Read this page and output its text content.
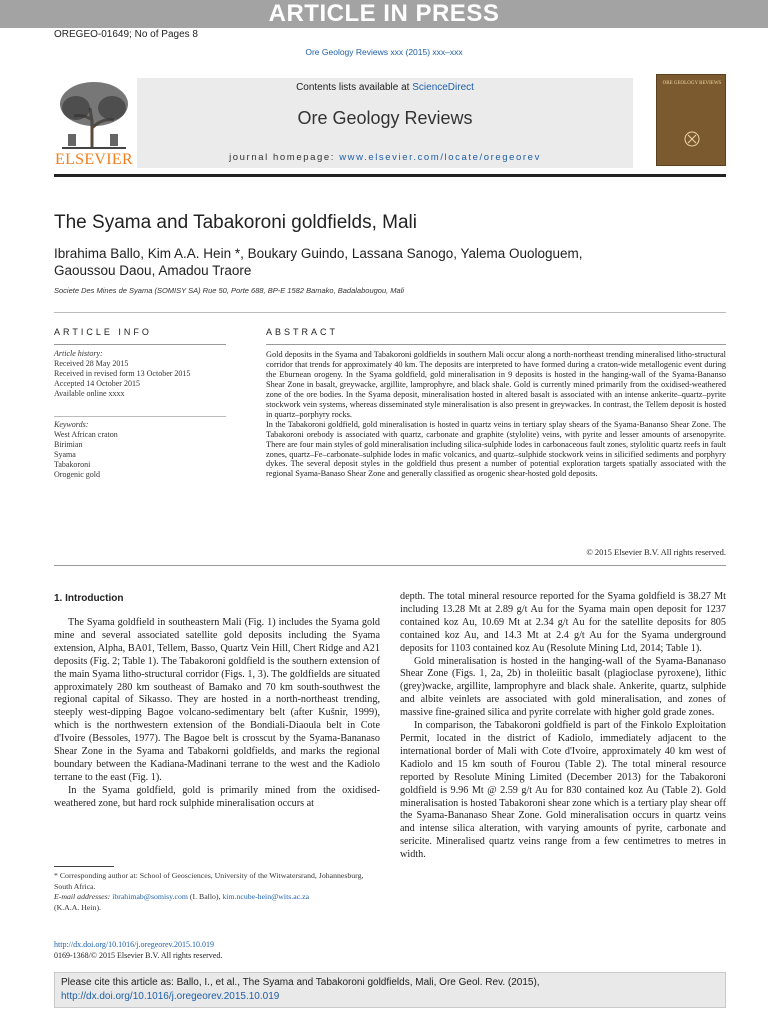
ARTICLE IN PRESS
OREGEO-01649; No of Pages 8
Ore Geology Reviews xxx (2015) xxx–xxx
ELSEVIER
Contents lists available at ScienceDirect
Ore Geology Reviews
journal homepage: www.elsevier.com/locate/oregeorev
ORE GEOLOGY REVIEWS
The Syama and Tabakoroni goldfields, Mali
Ibrahima Ballo, Kim A.A. Hein *, Boukary Guindo, Lassana Sanogo, Yalema Ouologuem,
Gaoussou Daou, Amadou Traore
Societe Des Mines de Syama (SOMISY SA) Rue 50, Porte 688, BP-E 1582 Bamako, Badalabougou, Mali
ARTICLE INFO	ABSTRACT
Article history:
Received 28 May 2015
Received in revised form 13 October 2015
Accepted 14 October 2015
Available online xxxx
Keywords:
West African craton
Birimian
Syama
Tabakoroni
Orogenic gold
Gold deposits in the Syama and Tabakoroni goldfields in southern Mali occur along a north-northeast trending mineralised litho-structural corridor that trends for approximately 40 km. The deposits are interpreted to have formed during a craton-wide metallogenic event during the Eburnean orogeny. In the Syama goldfield, gold mineralisation in 9 deposits is hosted in the hanging-wall of the Syama-Bananso Shear Zone in basalt, greywacke, argillite, lamprophyre, and black shale. Gold is currently mined primarily from the oxidised-weathered zone of the ore bodies. In the Syama deposit, mineralisation hosted in altered basalt is associated with an intense ankerite–quartz–pyrite stockwork vein systems, whereas disseminated style mineralisation is also present in greywackes. In contrast, the Tellem deposit is hosted in quartz–porphyry rocks.
In the Tabakoroni goldfield, gold mineralisation is hosted in quartz veins in tertiary splay shears of the Syama-Bananso Shear Zone. The Tabakoroni orebody is associated with quartz, carbonate and graphite (stylolite) veins, with pyrite and lesser amounts of arsenopyrite. There are four main styles of gold mineralisation including silica-sulphide lodes in carbonaceous fault zones, stylolitic quartz reefs in fault zones, quartz–Fe–carbonate–sulphide lodes in mafic volcanics, and quartz–sulphide stockwork veins in silicified sediments and porphyry dykes. The several deposit styles in the goldfield thus present a number of potential exploration targets spatially associated with the regional Syama-Banaso Shear Zone and generally classified as orogenic shear-hosted gold deposits.
© 2015 Elsevier B.V. All rights reserved.
1. Introduction

The Syama goldfield in southeastern Mali (Fig. 1) includes the Syama gold mine and several associated satellite gold deposits including the Syama extension, Alpha, BA01, Tellem, Basso, Quartz Vein Hill, Chert Ridge and A21 deposits (Fig. 2; Table 1). The Tabakoroni goldfield is the southern extension of the main Syama litho-structural corridor (Figs. 1, 3). The goldfields are situated approximately 280 km southeast of Bamako and 70 km south-southwest the regional capital of Sikasso. They are hosted in a north-northeast trending, steeply west-dipping Bagoe volcano-sedimentary belt (after Kušnir, 1999), which is the northwestern extension of the Bondiali-Diaoula belt in Cote d'Ivoire (Bessoles, 1977). The Bagoe belt is crosscut by the Syama-Bananaso Shear Zone in the Syama and Tabakorni goldfields, and marks the regional boundary between the Kadiana-Madinani terrane to the west and the Kadiolo terrane to the east (Fig. 1).

In the Syama goldfield, gold is primarily mined from the oxidised-weathered zone, but hard rock sulphide mineralisation occurs at

depth. The total mineral resource reported for the Syama goldfield is 38.27 Mt including 13.28 Mt at 2.89 g/t Au for the Syama main open deposit for 1237 contained koz Au, 10.69 Mt at 2.34 g/t Au for the satellite deposits for 805 contained koz Au, and 14.3 Mt at 2.4 g/t Au for the Syama underground deposits for 1103 contained koz Au (Resolute Mining Ltd, 2014; Table 1).

Gold mineralisation is hosted in the hanging-wall of the Syama-Bananaso Shear Zone (Figs. 1, 2a, 2b) in tholeiitic basalt (plagioclase pyroxene), lithic (grey)wacke, argillite, lamprophyre and black shale. Ankerite, quartz, sulphide and albite veinlets are associated with gold mineralisation, and zones of massive fine-grained silica and pyrite correlate with higher gold grade zones.

In comparison, the Tabakoroni goldfield is part of the Finkolo Exploitation Permit, located in the district of Kadiolo, immediately adjacent to the international border of Mali with Cote d'Ivoire, approximately 40 km west of Kadiolo and 15 km south of Fourou (Table 2). The total mineral resource reported by Resolute Mining Limited (December 2013) for the Tabakoroni goldfield is 9.96 Mt @ 2.59 g/t Au for 830 contained koz Au (Table 2). Gold mineralisation is hosted Tabakoroni shear zone which is a tertiary play shear off the Syama-Bananaso Shear Zone. Gold mineralisation occurs in quartz veins and intense silica alteration, with varying amounts of pyrite, carbonate and sericite. Mineralised quartz veins range from a few centimetres to metres in width.

* Corresponding author at: School of Geosciences, University of the Witwatersrand, Johannesburg, South Africa.
E-mail addresses: ibrahimab@somisy.com (I. Ballo), kim.ncube-hein@wits.ac.za
(K.A.A. Hein).
http://dx.doi.org/10.1016/j.oregeorev.2015.10.019
0169-1368/© 2015 Elsevier B.V. All rights reserved.
Please cite this article as: Ballo, I., et al., The Syama and Tabakoroni goldfields, Mali, Ore Geol. Rev. (2015), http://dx.doi.org/10.1016/j.oregeorev.2015.10.019
